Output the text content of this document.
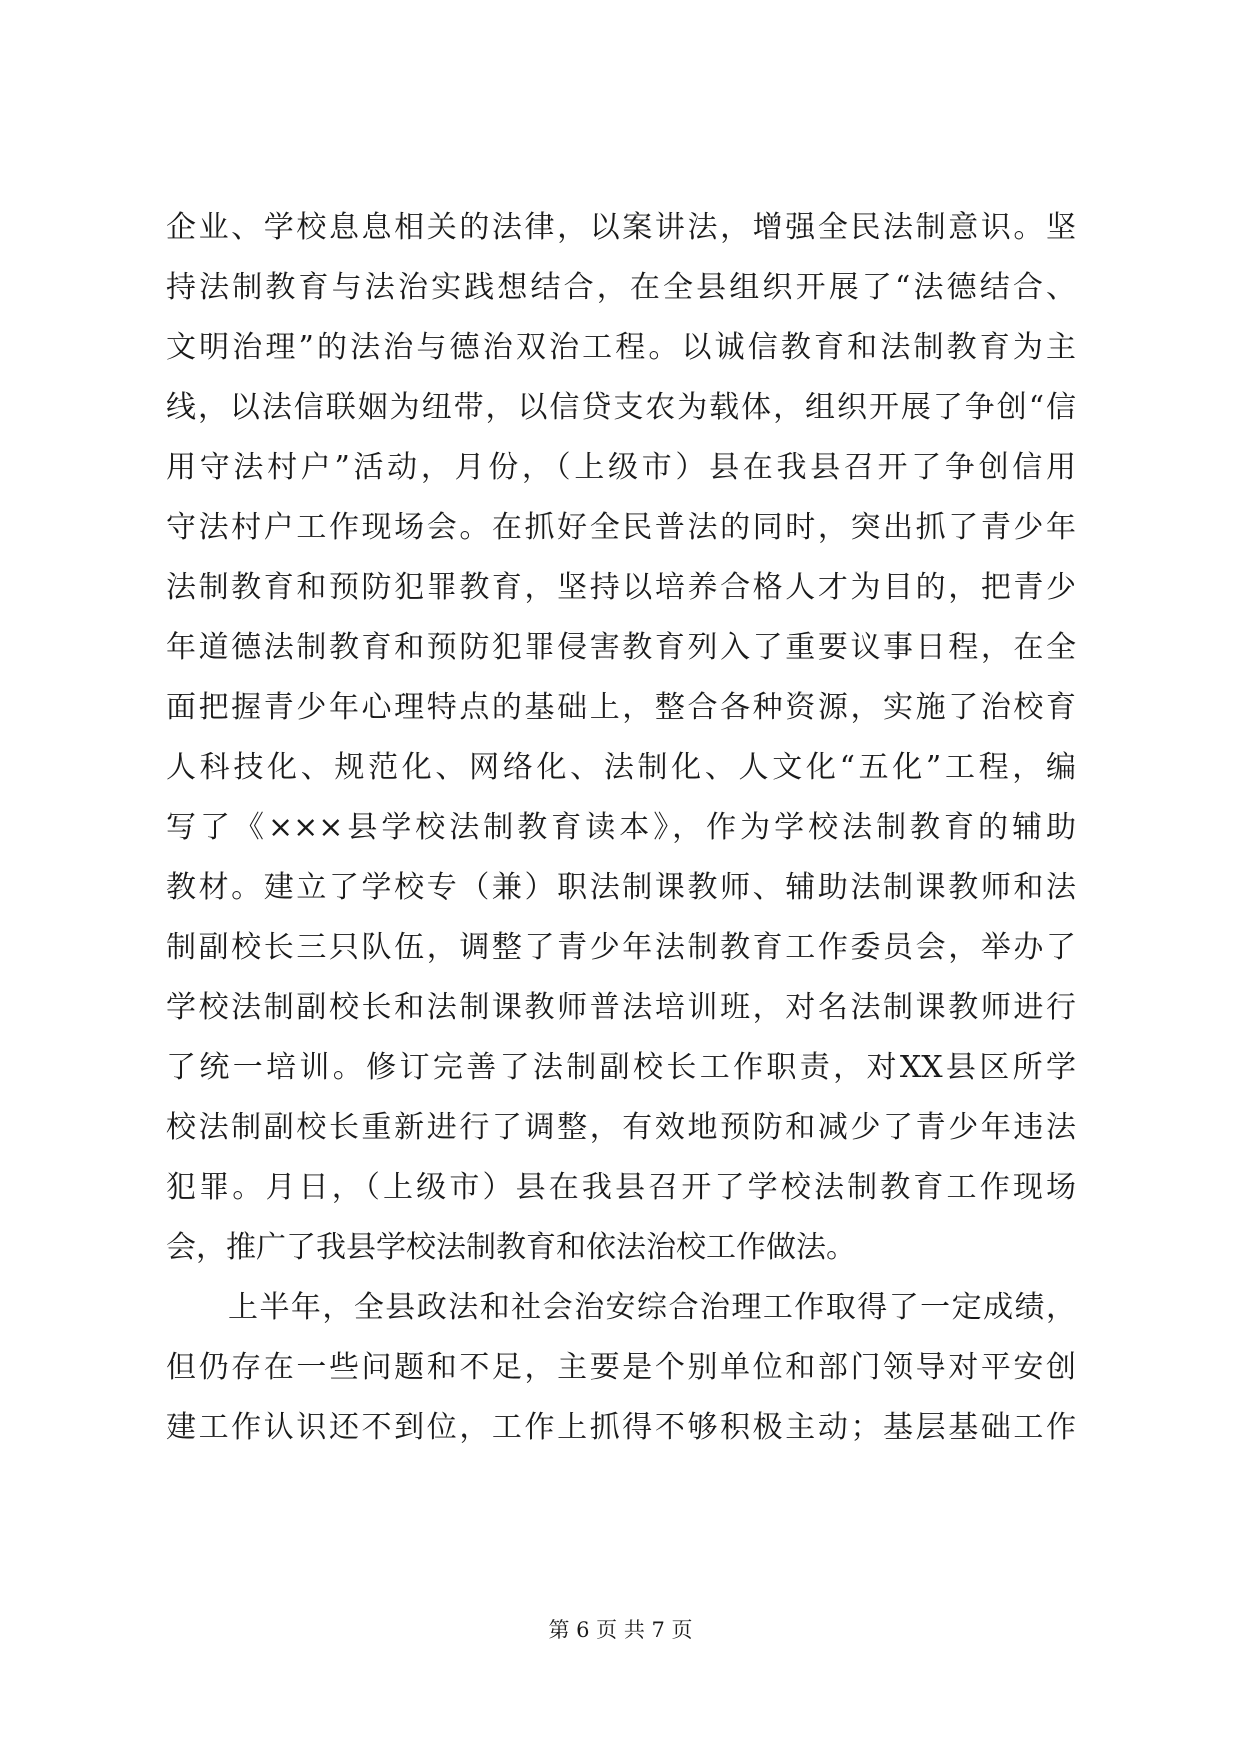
企业、学校息息相关的法律，以案讲法，增强全民法制意识。坚
持法制教育与法治实践想结合，在全县组织开展了“法德结合、
文明治理”的法治与德治双治工程。以诚信教育和法制教育为主
线，以法信联姻为纽带，以信贷支农为载体，组织开展了争创“信
用守法村户”活动，月份，（上级市）县在我县召开了争创信用
守法村户工作现场会。在抓好全民普法的同时，突出抓了青少年
法制教育和预防犯罪教育，坚持以培养合格人才为目的，把青少
年道德法制教育和预防犯罪侵害教育列入了重要议事日程，在全
面把握青少年心理特点的基础上，整合各种资源，实施了治校育
人科技化、规范化、网络化、法制化、人文化“五化”工程，编
写了《×××县学校法制教育读本》，作为学校法制教育的辅助
教材。建立了学校专（兼）职法制课教师、辅助法制课教师和法
制副校长三只队伍，调整了青少年法制教育工作委员会，举办了
学校法制副校长和法制课教师普法培训班，对名法制课教师进行
了统一培训。修订完善了法制副校长工作职责，对XX县区所学
校法制副校长重新进行了调整，有效地预防和减少了青少年违法
犯罪。月日，（上级市）县在我县召开了学校法制教育工作现场
会，推广了我县学校法制教育和依法治校工作做法。
上半年，全县政法和社会治安综合治理工作取得了一定成绩，
但仍存在一些问题和不足，主要是个别单位和部门领导对平安创
建工作认识还不到位，工作上抓得不够积极主动；基层基础工作
第 6 页 共 7 页
